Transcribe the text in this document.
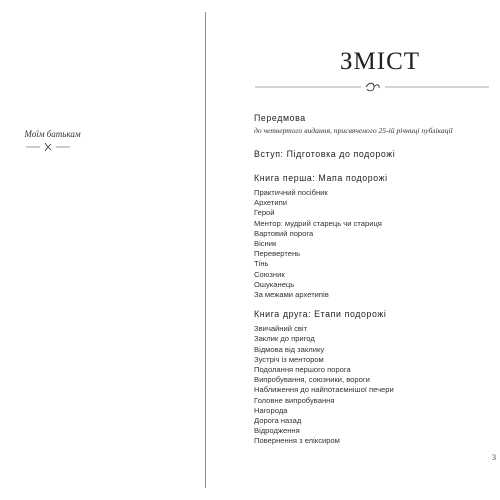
Моїм батькам
ЗМІСТ
Передмова
до четвертого видання, присвяченого 25-ій річниці публікації
Вступ: Підготовка до подорожі
Книга перша: Мапа подорожі
Практичний посібник
Архетипи
Герой
Ментор: мудрий старець чи стариця
Вартовий порога
Вісник
Перевертень
Тінь
Союзник
Ошуканець
За межами архетипів
Книга друга: Етапи подорожі
Звичайний світ
Заклик до пригод
Відмова від заклику
Зустріч із ментором
Подолання першого порога
Випробування, союзники, вороги
Наближення до найпотаємнішої печери
Головне випробування
Нагорода
Дорога назад
Відродження
Повернення з еліксиром
3
